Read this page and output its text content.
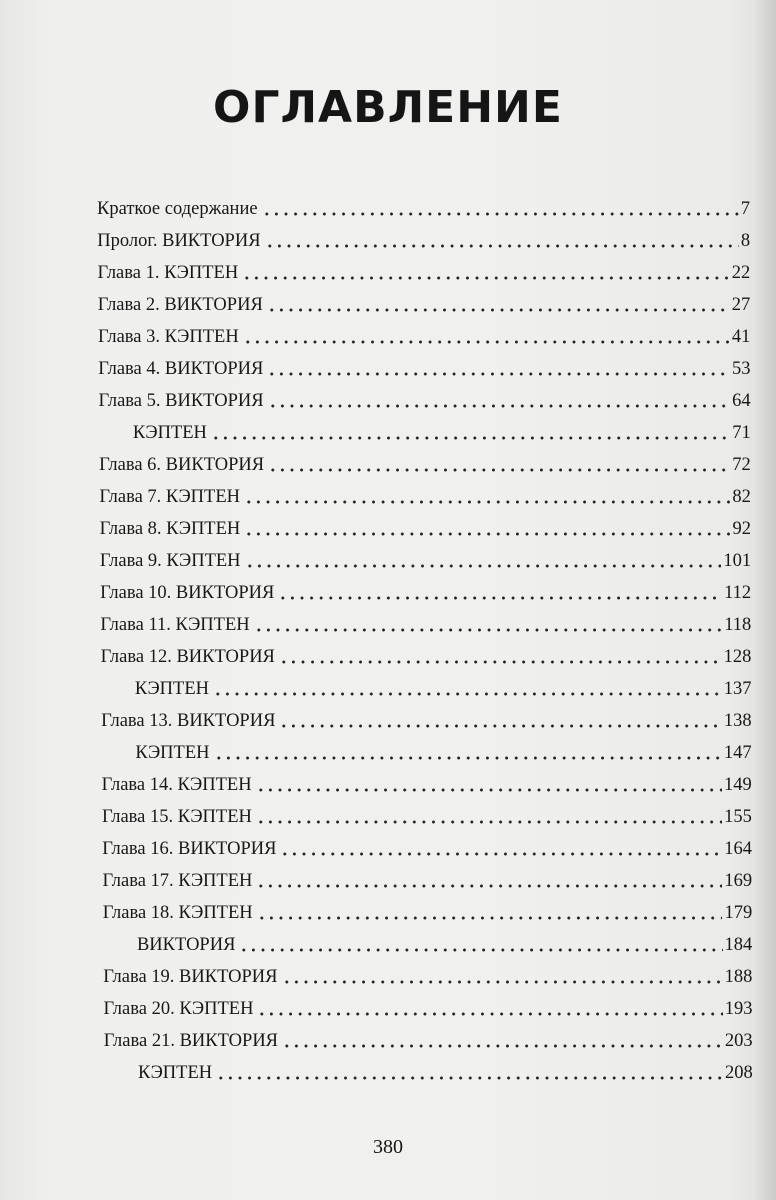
ОГЛАВЛЕНИЕ
Краткое содержание	7
Пролог. ВИКТОРИЯ	8
Глава 1. КЭПТЕН	22
Глава 2. ВИКТОРИЯ	27
Глава 3. КЭПТЕН	41
Глава 4. ВИКТОРИЯ	53
Глава 5. ВИКТОРИЯ	64
КЭПТЕН	71
Глава 6. ВИКТОРИЯ	72
Глава 7. КЭПТЕН	82
Глава 8. КЭПТЕН	92
Глава 9. КЭПТЕН	101
Глава 10. ВИКТОРИЯ	112
Глава 11. КЭПТЕН	118
Глава 12. ВИКТОРИЯ	128
КЭПТЕН	137
Глава 13. ВИКТОРИЯ	138
КЭПТЕН	147
Глава 14. КЭПТЕН	149
Глава 15. КЭПТЕН	155
Глава 16. ВИКТОРИЯ	164
Глава 17. КЭПТЕН	169
Глава 18. КЭПТЕН	179
ВИКТОРИЯ	184
Глава 19. ВИКТОРИЯ	188
Глава 20. КЭПТЕН	193
Глава 21. ВИКТОРИЯ	203
КЭПТЕН	208
380
